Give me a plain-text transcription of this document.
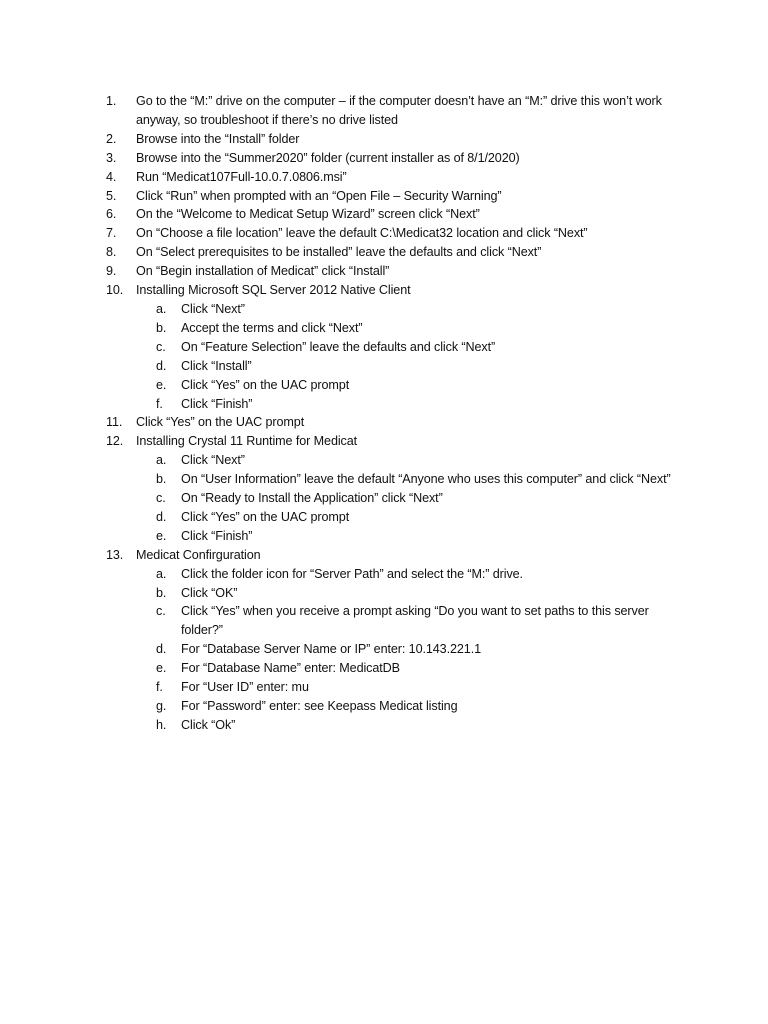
1.	Go to the “M:” drive on the computer – if the computer doesn’t have an “M:” drive this won’t work anyway, so troubleshoot if there’s no drive listed
2.	Browse into the “Install” folder
3.	Browse into the “Summer2020” folder (current installer as of 8/1/2020)
4.	Run “Medicat107Full-10.0.7.0806.msi”
5.	Click “Run” when prompted with an “Open File – Security Warning”
6.	On the “Welcome to Medicat Setup Wizard” screen click “Next”
7.	On “Choose a file location” leave the default C:\Medicat32 location and click “Next”
8.	On “Select prerequisites to be installed” leave the defaults and click “Next”
9.	On “Begin installation of Medicat” click “Install”
10.	Installing Microsoft SQL Server 2012 Native Client
a.	Click “Next”
b.	Accept the terms and click “Next”
c.	On “Feature Selection” leave the defaults and click “Next”
d.	Click “Install”
e.	Click “Yes” on the UAC prompt
f.	Click “Finish”
11.	Click “Yes” on the UAC prompt
12.	Installing Crystal 11 Runtime for Medicat
a.	Click “Next”
b.	On “User Information” leave the default “Anyone who uses this computer” and click “Next”
c.	On “Ready to Install the Application” click “Next”
d.	Click “Yes” on the UAC prompt
e.	Click “Finish”
13.	Medicat Confirguration
a.	Click the folder icon for “Server Path” and select the “M:” drive.
b.	Click “OK”
c.	Click “Yes” when you receive a prompt asking “Do you want to set paths to this server folder?”
d.	For “Database Server Name or IP” enter: 10.143.221.1
e.	For “Database Name” enter: MedicatDB
f.	For “User ID” enter: mu
g.	For “Password” enter: see Keepass Medicat listing
h.	Click “Ok”
